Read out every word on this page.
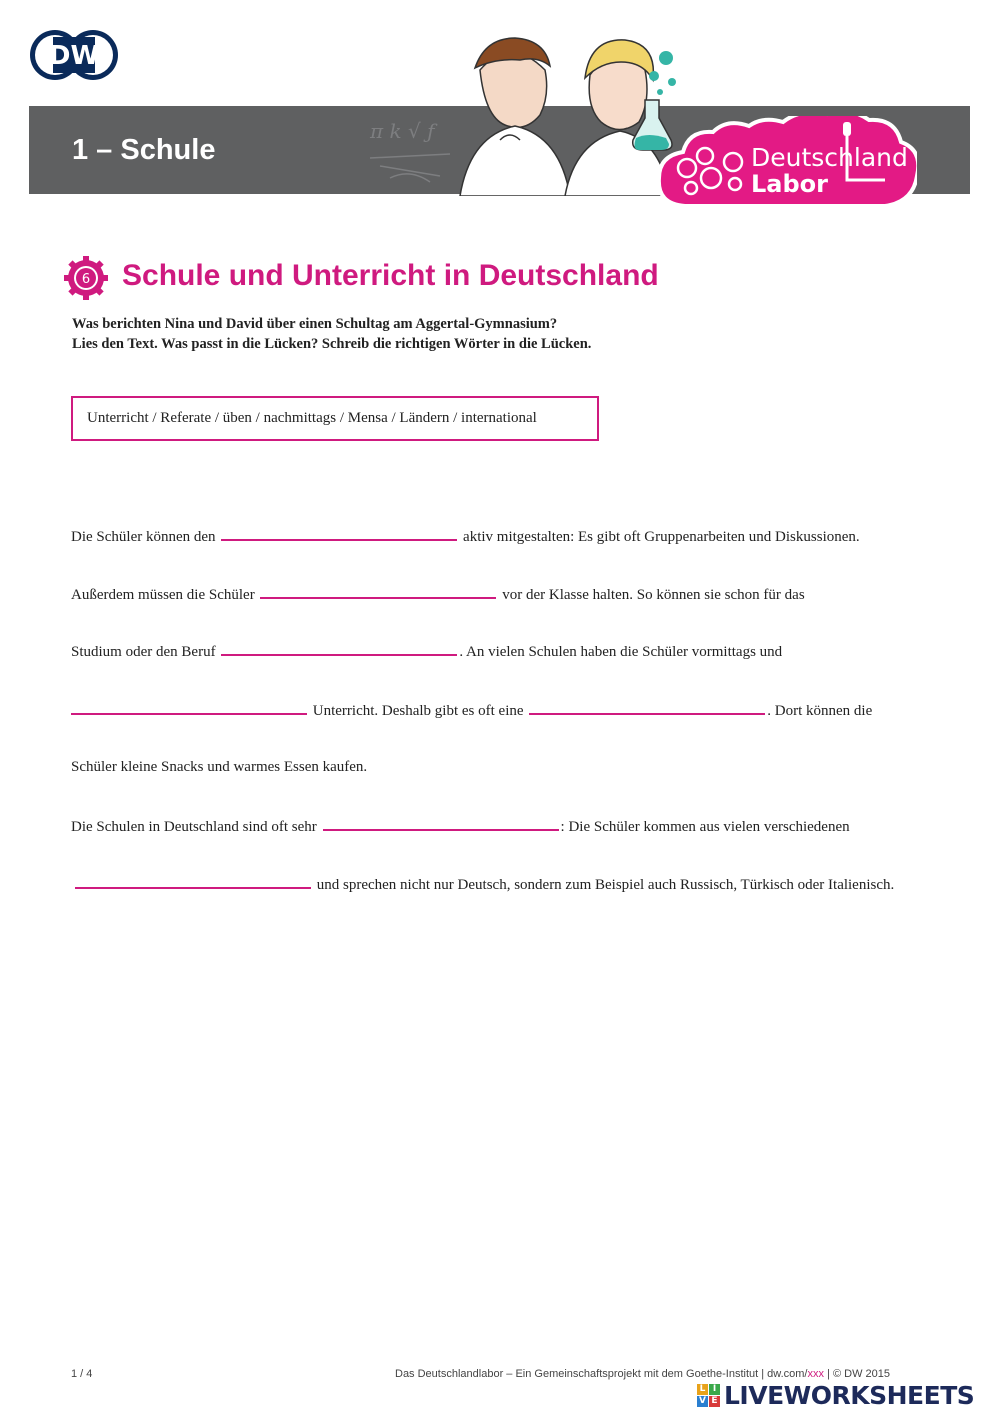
DW
π k √ ƒ
1 – Schule	Deutschland
Labor
6 Schule und Unterricht in Deutschland
Was berichten Nina und David über einen Schultag am Aggertal-Gymnasium?
Lies den Text. Was passt in die Lücken? Schreib die richtigen Wörter in die Lücken.
Unterricht / Referate / üben / nachmittags / Mensa / Ländern / international
Die Schüler können den	aktiv mitgestalten: Es gibt oft Gruppenarbeiten und Diskussionen.
Außerdem müssen die Schüler	vor der Klasse halten. So können sie schon für das
Studium oder den Beruf	. An vielen Schulen haben die Schüler vormittags und
Unterricht. Deshalb gibt es oft eine	. Dort können die
Schüler kleine Snacks und warmes Essen kaufen.
Die Schulen in Deutschland sind oft sehr	: Die Schüler kommen aus vielen verschiedenen
und sprechen nicht nur Deutsch, sondern zum Beispiel auch Russisch, Türkisch oder Italienisch.
1 / 4	Das Deutschlandlabor – Ein Gemeinschaftsprojekt mit dem Goethe-Institut | dw.com/xxx | © DW 2015
L I
V E LIVEWORKSHEETS
